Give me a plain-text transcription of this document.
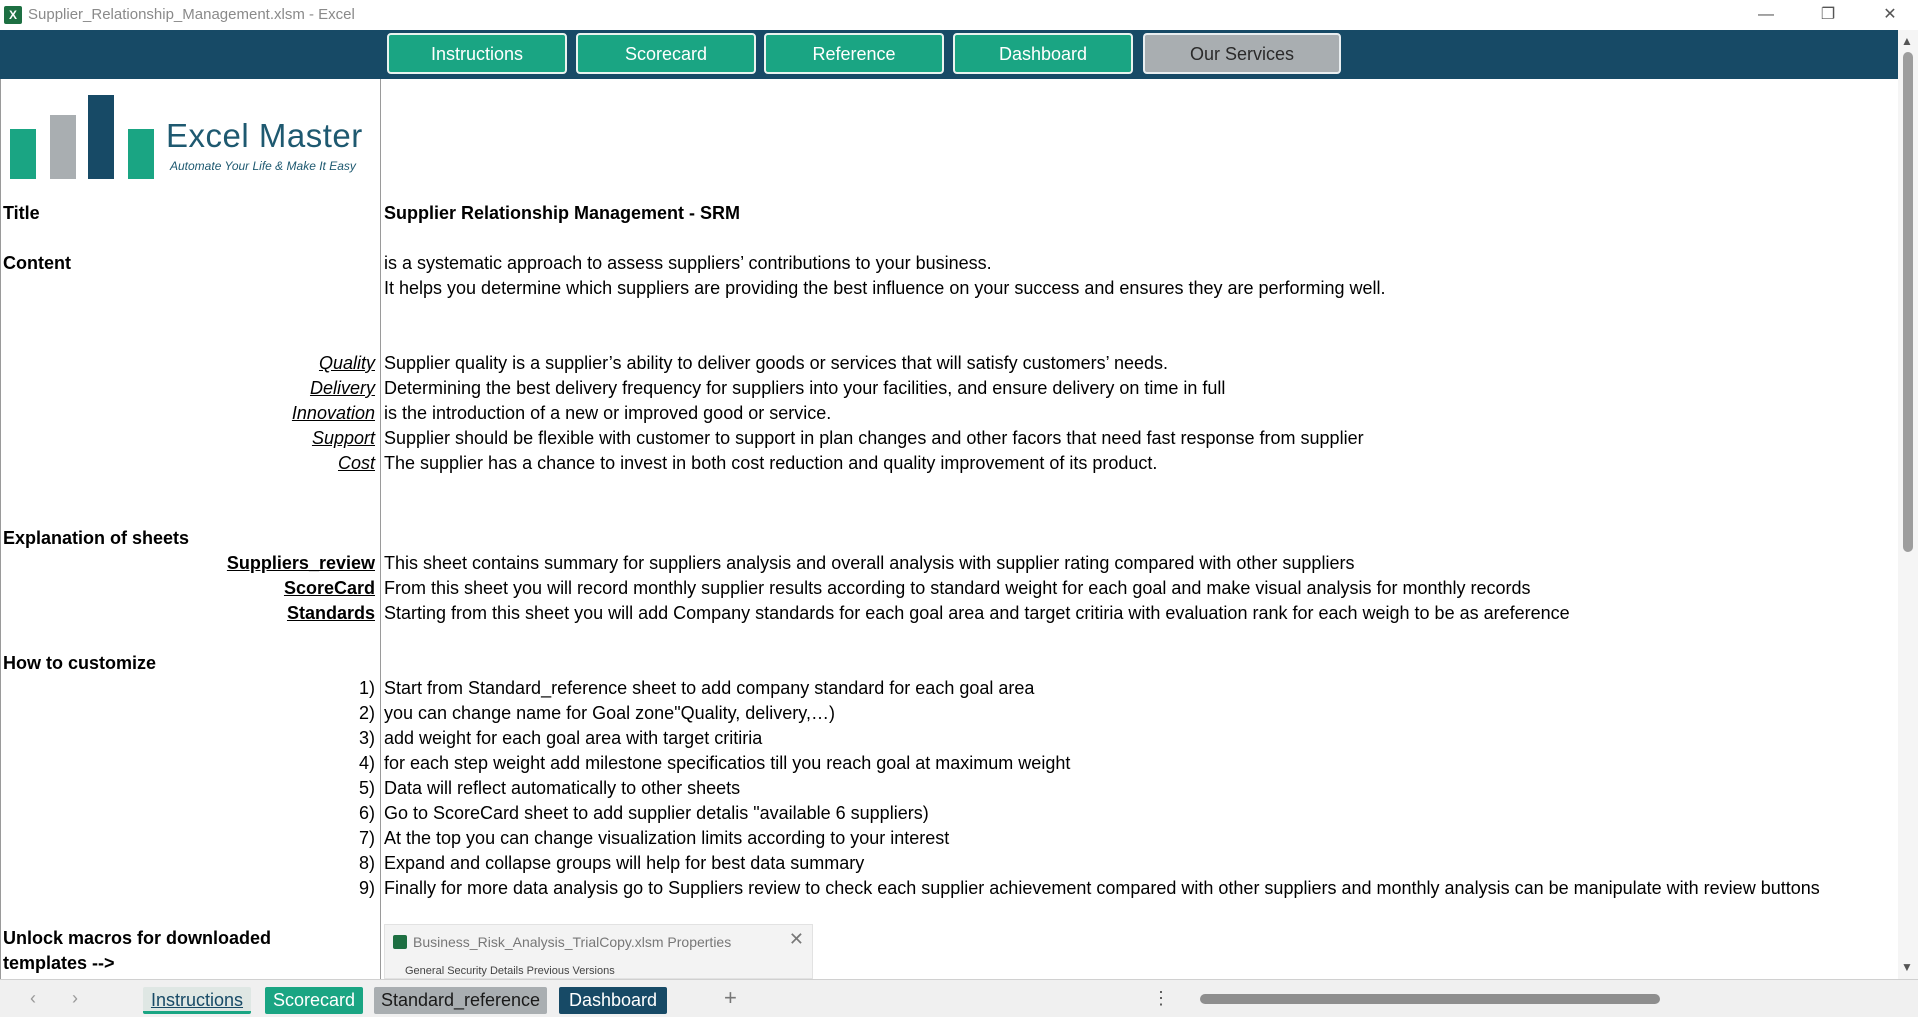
X Supplier_Relationship_Management.xlsm - Excel	—	❐	✕
Instructions	Scorecard	Reference	Dashboard	Our Services
Excel Master
Automate Your Life & Make It Easy
Title	Supplier Relationship Management - SRM
Content	is a systematic approach to assess suppliers’ contributions to your business.
It helps you determine which suppliers are providing the best influence on your success and ensures they are performing well.
Quality Supplier quality is a supplier’s ability to deliver goods or services that will satisfy customers’ needs.
Delivery Determining the best delivery frequency for suppliers into your facilities, and ensure delivery on time in full
Innovation is the introduction of a new or improved good or service.
Support Supplier should be flexible with customer to support in plan changes and other facors that need fast response from supplier
Cost The supplier has a chance to invest in both cost reduction and quality improvement of its product.
Explanation of sheets
Suppliers_review This sheet contains summary for suppliers analysis and overall analysis with supplier rating compared with other suppliers
ScoreCard From this sheet you will record monthly supplier results according to standard weight for each goal and make visual analysis for monthly records
Standards Starting from this sheet you will add Company standards for each goal area and target critiria with evaluation rank for each weigh to be as areference
How to customize
1) Start from Standard_reference sheet to add company standard for each goal area
2) you can change name for Goal zone"Quality, delivery,…)
3) add weight for each goal area with target critiria
4) for each step weight add milestone specificatios till you reach goal at maximum weight
5) Data will reflect automatically to other sheets
6) Go to ScoreCard sheet to add supplier detalis "available 6 suppliers)
7) At the top you can change visualization limits according to your interest
8) Expand and collapse groups will help for best data summary
9) Finally for more data analysis go to Suppliers review to check each supplier achievement compared with other suppliers and monthly analysis can be manipulate with review buttons
Unlock macros for downloaded
templates -->
Business_Risk_Analysis_TrialCopy.xlsm Properties	✕
General Security Details Previous Versions
▲
▼
‹ ›	Instructions	Scorecard	Standard_reference	Dashboard	+	⋮
